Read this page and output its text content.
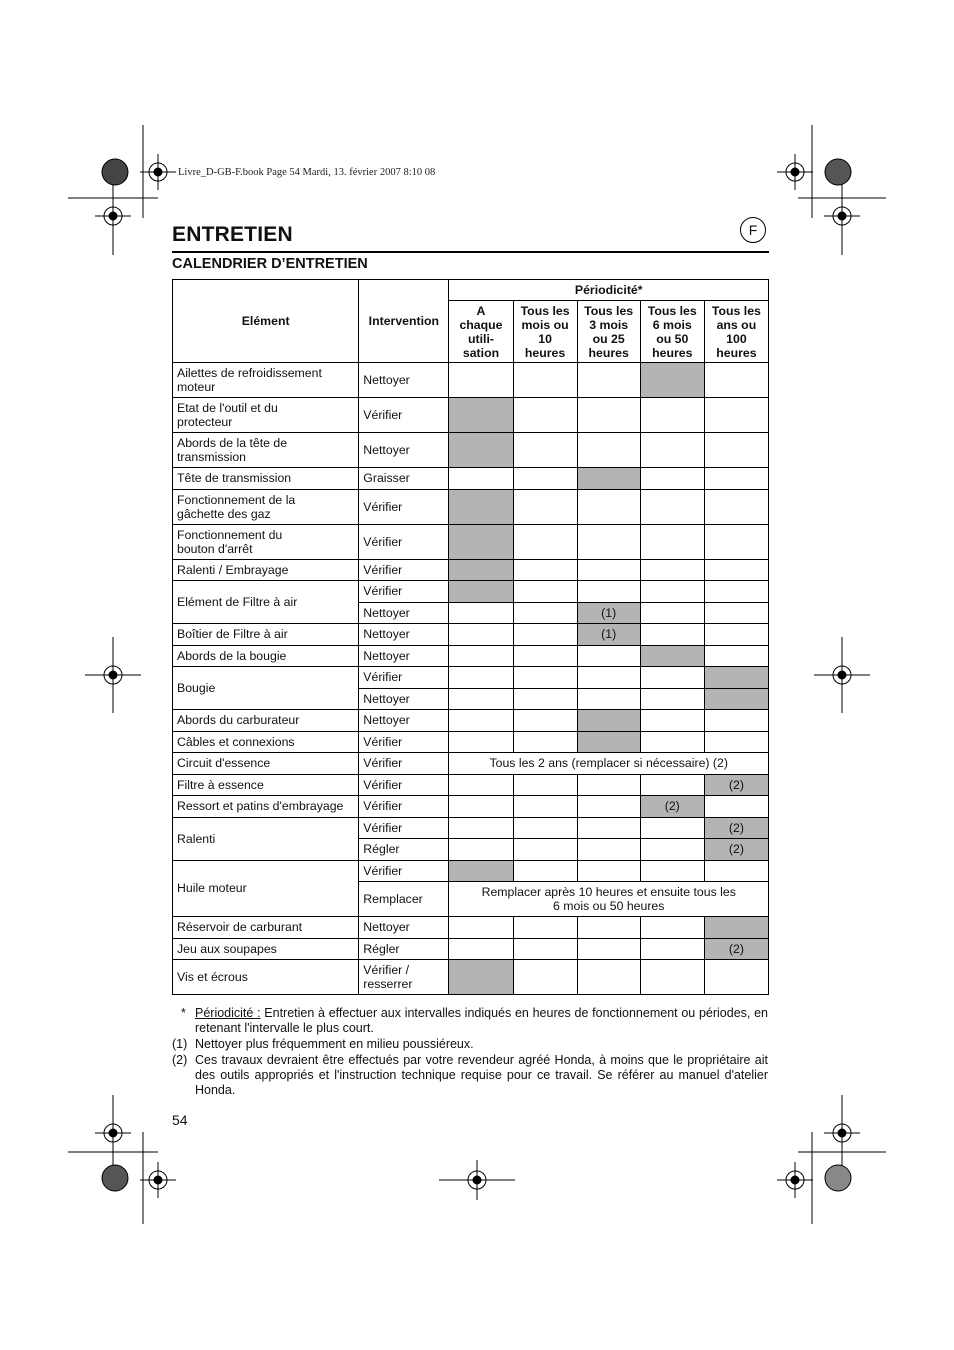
Livre_D-GB-F.book Page 54 Mardi, 13. février 2007 8:10 08
ENTRETIEN	F
CALENDRIER D’ENTRETIEN
Elément	Intervention	Périodicité*				
		A
chaque
utili-
sation	Tous les
mois ou
10
heures	Tous les
3 mois
ou 25
heures	Tous les
6 mois
ou 50
heures	Tous les
ans ou
100
heures
Ailettes de refroidissement
moteur	Nettoyer					
Etat de l'outil et du
protecteur	Vérifier					
Abords de la tête de
transmission	Nettoyer					
Tête de transmission	Graisser					
Fonctionnement de la
gâchette des gaz	Vérifier					
Fonctionnement du
bouton d'arrêt	Vérifier					
Ralenti / Embrayage	Vérifier					
Elément de Filtre à air	Vérifier					
	Nettoyer			(1)		
Boîtier de Filtre à air	Nettoyer			(1)		
Abords de la bougie	Nettoyer					
Bougie	Vérifier					
	Nettoyer					
Abords du carburateur	Nettoyer					
Câbles et connexions	Vérifier					
Circuit d'essence	Vérifier	Tous les 2 ans (remplacer si nécessaire) (2)				
Filtre à essence	Vérifier					(2)
Ressort et patins d'embrayage	Vérifier				(2)	
Ralenti	Vérifier					(2)
	Régler					(2)
Huile moteur	Vérifier					
	Remplacer	Remplacer après 10 heures et ensuite tous les
6 mois ou 50 heures				
Réservoir de carburant	Nettoyer					
Jeu aux soupapes	Régler					(2)
Vis et écrous	Vérifier /
resserrer					
* Périodicité : Entretien à effectuer aux intervalles indiqués en heures de fonctionnement ou périodes, en retenant l'intervalle le plus court.
(1) Nettoyer plus fréquemment en milieu poussiéreux.
(2) Ces travaux devraient être effectués par votre revendeur agréé Honda, à moins que le propriétaire ait des outils appropriés et l'instruction technique requise pour ce travail. Se référer au manuel d'atelier Honda.
54
